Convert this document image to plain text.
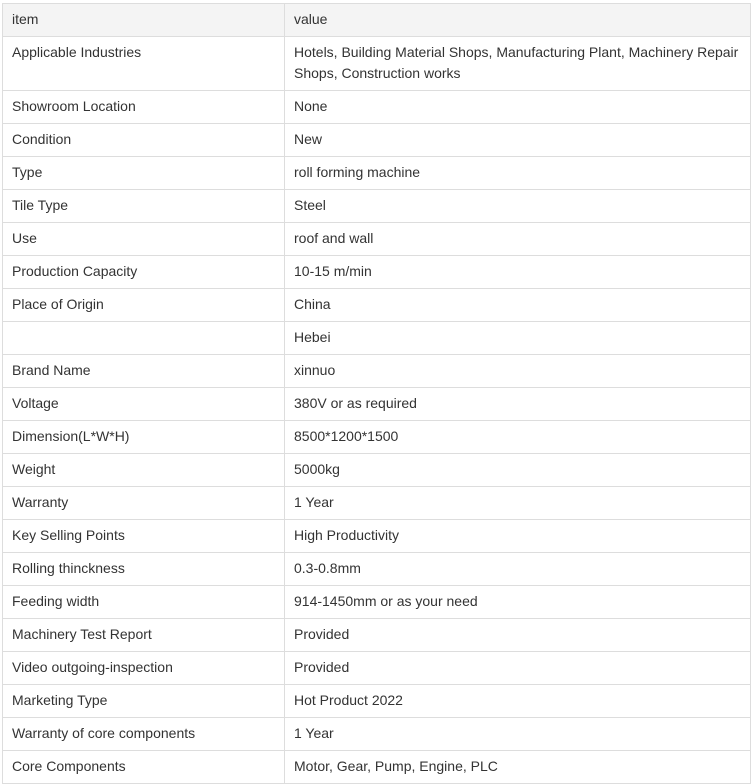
item	value
Applicable Industries	Hotels, Building Material Shops, Manufacturing Plant, Machinery Repair Shops, Construction works
Showroom Location	None
Condition	New
Type	roll forming machine
Tile Type	Steel
Use	roof and wall
Production Capacity	10-15 m/min
Place of Origin	China
	Hebei
Brand Name	xinnuo
Voltage	380V or as required
Dimension(L*W*H)	8500*1200*1500
Weight	5000kg
Warranty	1 Year
Key Selling Points	High Productivity
Rolling thinckness	0.3-0.8mm
Feeding width	914-1450mm or as your need
Machinery Test Report	Provided
Video outgoing-inspection	Provided
Marketing Type	Hot Product 2022
Warranty of core components	1 Year
Core Components	Motor, Gear, Pump, Engine, PLC
